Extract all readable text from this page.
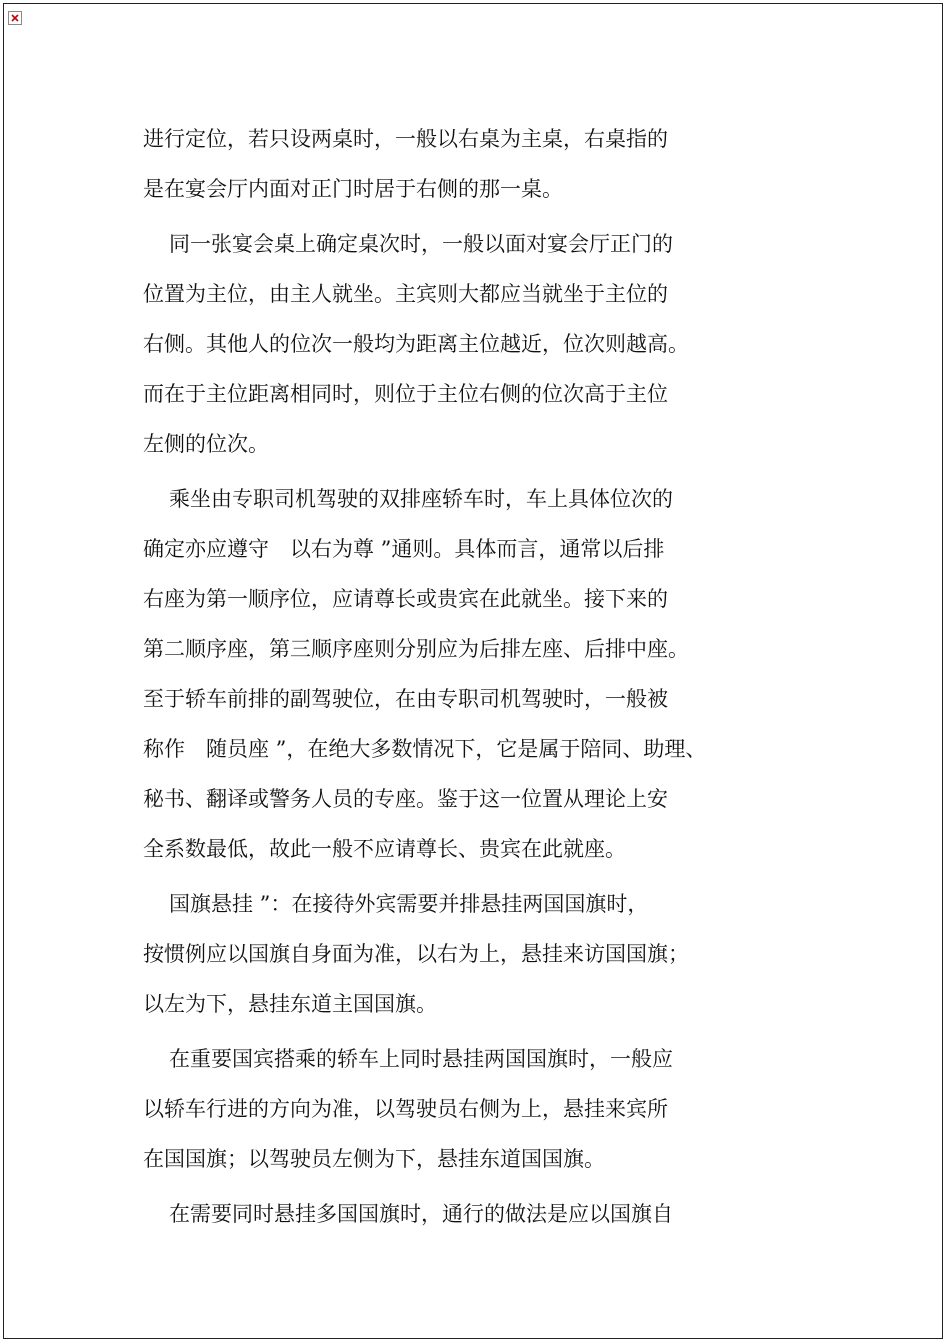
进行定位，若只设两桌时，一般以右桌为主桌，右桌指的
是在宴会厅内面对正门时居于右侧的那一桌。

同一张宴会桌上确定桌次时，一般以面对宴会厅正门的
位置为主位，由主人就坐。主宾则大都应当就坐于主位的
右侧。其他人的位次一般均为距离主位越近，位次则越高。
而在于主位距离相同时，则位于主位右侧的位次高于主位
左侧的位次。

乘坐由专职司机驾驶的双排座轿车时，车上具体位次的
确定亦应遵守　以右为尊 ”通则。具体而言，通常以后排
右座为第一顺序位，应请尊长或贵宾在此就坐。接下来的
第二顺序座，第三顺序座则分别应为后排左座、后排中座。
至于轿车前排的副驾驶位，在由专职司机驾驶时，一般被
称作　随员座 ”，在绝大多数情况下，它是属于陪同、助理、
秘书、翻译或警务人员的专座。鉴于这一位置从理论上安
全系数最低，故此一般不应请尊长、贵宾在此就座。

国旗悬挂 ”：在接待外宾需要并排悬挂两国国旗时，
按惯例应以国旗自身面为准，以右为上，悬挂来访国国旗；
以左为下，悬挂东道主国国旗。

在重要国宾搭乘的轿车上同时悬挂两国国旗时，一般应
以轿车行进的方向为准，以驾驶员右侧为上，悬挂来宾所
在国国旗；以驾驶员左侧为下，悬挂东道国国旗。

在需要同时悬挂多国国旗时，通行的做法是应以国旗自
